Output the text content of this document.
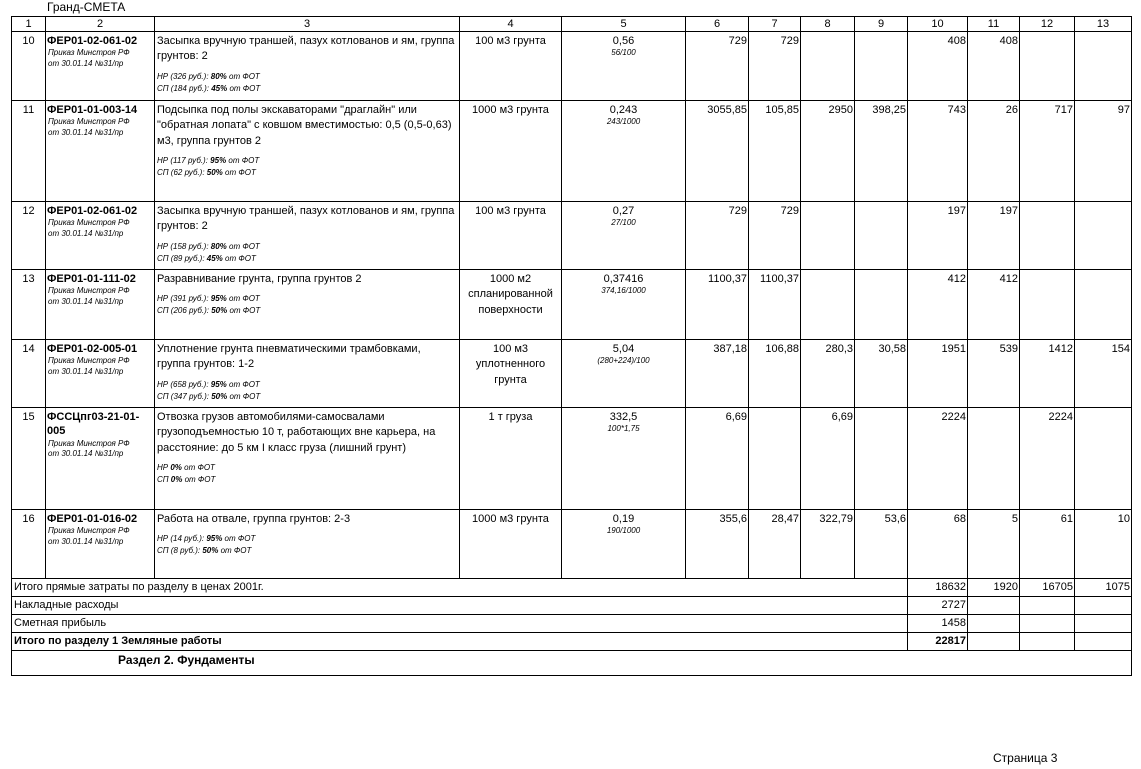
Гранд-СМЕТА
1	2	3	4	5	6	7	8	9	10	11	12	13
10	ФЕР01-02-061-02
Приказ Минстроя РФ
от 30.01.14 №31/пр	Засыпка вручную траншей, пазух котлованов и ям, группа грунтов: 2
НР (326 руб.): 80% от ФОТ
СП (184 руб.): 45% от ФОТ	100 м3 грунта	0,56
56/100	729	729			408	408		
11	ФЕР01-01-003-14
Приказ Минстроя РФ
от 30.01.14 №31/пр	Подсыпка под полы экскаваторами "драглайн" или "обратная лопата" с ковшом вместимостью: 0,5 (0,5-0,63) м3, группа грунтов 2
НР (117 руб.): 95% от ФОТ
СП (62 руб.): 50% от ФОТ	1000 м3 грунта	0,243
243/1000	3055,85	105,85	2950	398,25	743	26	717	97
12	ФЕР01-02-061-02
Приказ Минстроя РФ
от 30.01.14 №31/пр	Засыпка вручную траншей, пазух котлованов и ям, группа грунтов: 2
НР (158 руб.): 80% от ФОТ
СП (89 руб.): 45% от ФОТ	100 м3 грунта	0,27
27/100	729	729			197	197		
13	ФЕР01-01-111-02
Приказ Минстроя РФ
от 30.01.14 №31/пр	Разравнивание грунта, группа грунтов 2
НР (391 руб.): 95% от ФОТ
СП (206 руб.): 50% от ФОТ	1000 м2 спланированной поверхности	0,37416
374,16/1000	1100,37	1100,37			412	412		
14	ФЕР01-02-005-01
Приказ Минстроя РФ
от 30.01.14 №31/пр	Уплотнение грунта пневматическими трамбовками, группа грунтов: 1-2
НР (658 руб.): 95% от ФОТ
СП (347 руб.): 50% от ФОТ	100 м3 уплотненного грунта	5,04
(280+224)/100	387,18	106,88	280,3	30,58	1951	539	1412	154
15	ФССЦпг03-21-01-005
Приказ Минстроя РФ
от 30.01.14 №31/пр	Отвозка грузов автомобилями-самосвалами грузоподъемностью 10 т, работающих вне карьера, на расстояние: до 5 км I класс груза (лишний грунт)
НР 0% от ФОТ
СП 0% от ФОТ	1 т груза	332,5
100*1,75	6,69		6,69		2224		2224	
16	ФЕР01-01-016-02
Приказ Минстроя РФ
от 30.01.14 №31/пр	Работа на отвале, группа грунтов: 2-3
НР (14 руб.): 95% от ФОТ
СП (8 руб.): 50% от ФОТ	1000 м3 грунта	0,19
190/1000	355,6	28,47	322,79	53,6	68	5	61	10
Итого прямые затраты по разделу в ценах 2001г.									18632	1920	16705	1075
Накладные расходы									2727			
Сметная прибыль									1458			
Итого по разделу 1 Земляные работы									22817			
Раздел 2. Фундаменты												
Страница 3
